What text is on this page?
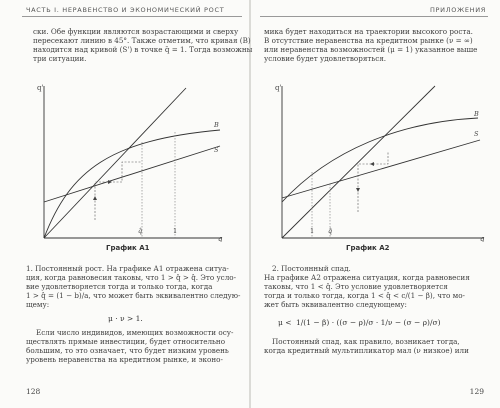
ЧАСТЬ I. НЕРАВЕНСТВО И ЭКОНОМИЧЕСКИЙ РОСТ
ски. Обе функции являются возрастающими и сверху
пересекают линию в 45°. Также отметим, что кривая (B)
находится над кривой (S') в точке q̄ = 1. Тогда возможны
три ситуации.
q'
q
B
S
q̂	1
График А1
1. Постоянный рост. На графике А1 отражена ситуа-
ция, когда равновесия таковы, что 1 > q̂ > q̂. Это усло-
вие удовлетворяется тогда и только тогда, когда
1 > q̂ = (1 − b)/a, что может быть эквивалентно следую-
щему:
μ · ν > 1.
Если число индивидов, имеющих возможности осу-
ществлять прямые инвестиции, будет относительно
большим, то это означает, что будет низким уровень
уровень неравенства на кредитном рынке, и эконо-
128
ПРИЛОЖЕНИЯ
мика будет находиться на траектории высокого роста.
В отсутствие неравенства на кредитном рынке (ν = ∞)
или неравенства возможностей (μ = 1) указанное выше
условие будет удовлетворяться.
q'
q
B
S
1 q̂
График А2
2. Постоянный спад.
На графике А2 отражена ситуация, когда равновесия
таковы, что 1 < q̂. Это условие удовлетворяется
тогда и только тогда, когда 1 < q̂ < c/(1 − β), что мо-
жет быть эквивалентно следующему:
μ < 1/(1 − β) · ((σ − ρ)/σ · 1/ν − (σ − ρ)/σ)
Постоянный спад, как правило, возникает тогда,
когда кредитный мультипликатор мал (ν низкое) или
129
